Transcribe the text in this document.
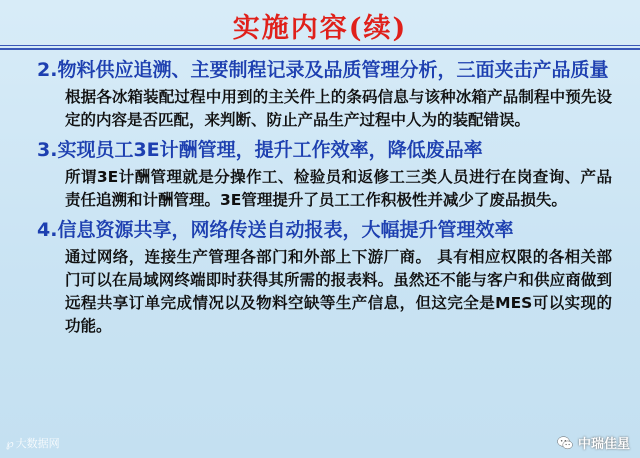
实施内容(续)
2.物料供应追溯、主要制程记录及品质管理分析，三面夹击产品质量
根据各冰箱装配过程中用到的主关件上的条码信息与该种冰箱产品制程中预先设定的内容是否匹配，来判断、防止产品生产过程中人为的装配错误。
3.实现员工3E计酬管理，提升工作效率，降低废品率
所谓3E计酬管理就是分操作工、检验员和返修工三类人员进行在岗查询、产品责任追溯和计酬管理。3E管理提升了员工工作积极性并减少了废品损失。
4.信息资源共享，网络传送自动报表，大幅提升管理效率
通过网络，连接生产管理各部门和外部上下游厂商。 具有相应权限的各相关部门可以在局域网终端即时获得其所需的报表料。虽然还不能与客户和供应商做到远程共享订单完成情况以及物料空缺等生产信息，但这完全是MES可以实现的功能。
℘ 大数据网	中瑞佳星
